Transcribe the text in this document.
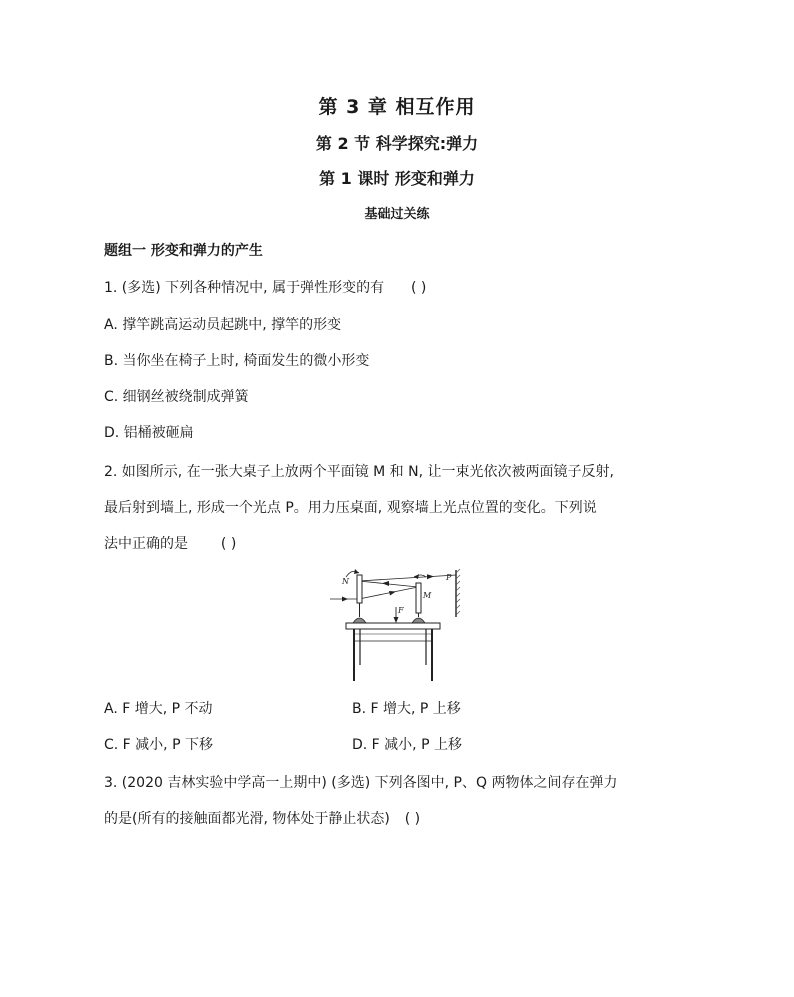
第 3 章 相互作用
第 2 节 科学探究:弹力
第 1 课时 形变和弹力
基础过关练
题组一 形变和弹力的产生
1. (多选) 下列各种情况中, 属于弹性形变的有 ( )
A. 撑竿跳高运动员起跳中, 撑竿的形变
B. 当你坐在椅子上时, 椅面发生的微小形变
C. 细钢丝被绕制成弹簧
D. 铝桶被砸扁
2. 如图所示, 在一张大桌子上放两个平面镜 M 和 N, 让一束光依次被两面镜子反射,
最后射到墙上, 形成一个光点 P。用力压桌面, 观察墙上光点位置的变化。下列说
法中正确的是 ( )
N
M
P
F
A. F 增大, P 不动	B. F 增大, P 上移
C. F 减小, P 下移	D. F 减小, P 上移
3. (2020 吉林实验中学高一上期中) (多选) 下列各图中, P、Q 两物体之间存在弹力
的是(所有的接触面都光滑, 物体处于静止状态) ( )
